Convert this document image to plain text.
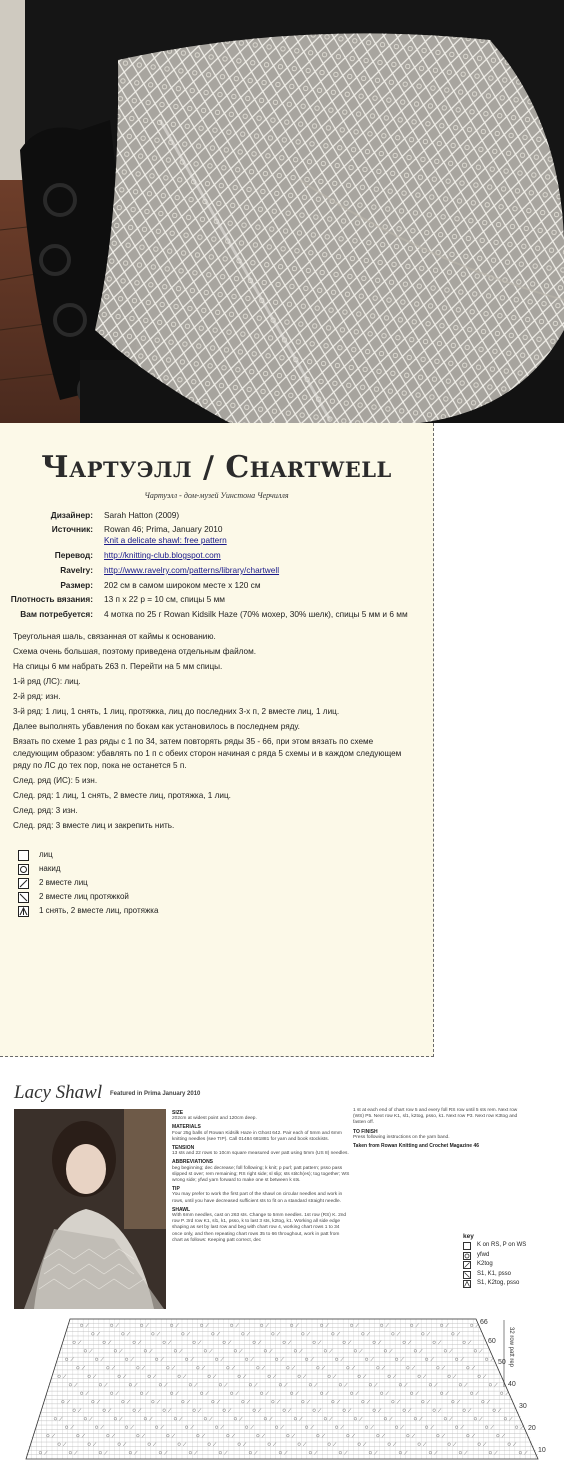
Чартуэлл / Chartwell
Чартуэлл - дом-музей Уинстона Черчилля
Дизайнер: Sarah Hatton (2009)
Источник: Rowan 46; Prima, January 2010
Knit a delicate shawl: free pattern
Перевод: http://knitting-club.blogspot.com
Ravelry: http://www.ravelry.com/patterns/library/chartwell
Размер: 202 см в самом широком месте х 120 см
Плотность вязания: 13 п х 22 р = 10 см, спицы 5 мм
Вам потребуется: 4 мотка по 25 г Rowan Kidsilk Haze (70% мохер, 30% шелк), спицы 5 мм и 6 мм
Треугольная шаль, связанная от каймы к основанию.
Схема очень большая, поэтому приведена отдельным файлом.
На спицы 6 мм набрать 263 п. Перейти на 5 мм спицы.
1-й ряд (ЛС): лиц.
2-й ряд: изн.
3-й ряд: 1 лиц, 1 снять, 1 лиц, протяжка, лиц до последних 3-х п, 2 вместе лиц, 1 лиц.
Далее выполнять убавления по бокам как установилось в последнем ряду.
Вязать по схеме 1 раз ряды с 1 по 34, затем повторять ряды 35 - 66, при этом вязать по схеме
следующим образом: убавлять по 1 п с обеих сторон начиная с ряда 5 схемы и в каждом следующем
ряду по ЛС до тех пор, пока не останется 5 п.
След. ряд (ИС): 5 изн.
След. ряд: 1 лиц, 1 снять, 2 вместе лиц, протяжка, 1 лиц.
След. ряд: 3 изн.
След. ряд: 3 вместе лиц и закрепить нить.
лиц
накид
2 вместе лиц
2 вместе лиц протяжкой
1 снять, 2 вместе лиц, протяжка
Lacy Shawl Featured in Prima January 2010
SIZE
202cm at widest point and 120cm deep.
MATERIALS
Four 25g balls of Rowan Kidsilk Haze in Ghost 642. Pair each of 5mm and 6mm knitting needles (see TIP). Call 01484 681881 for yarn and book stockists.
TENSION
13 sts and 22 rows to 10cm square measured over patt using 5mm (US 8) needles.
ABBREVIATIONS
beg beginning; dec decrease; foll following; k knit; p purl; patt pattern; psso pass slipped st over; rem remaining; RS right side; sl slip; sts stitch(es); tog together; WS wrong side; yfwd yarn forward to make one st between k sts.
TIP
You may prefer to work the first part of the shawl on circular needles and work in rows, until you have decreased sufficient sts to fit on a standard straight needle.
SHAWL
With 6mm needles, cast on 263 sts. Change to 5mm needles. 1st row (RS) K. 2nd row P. 3rd row K1, sl1, k1, psso, k to last 3 sts, k2tog, k1. Working all side edge shaping as set by last row and beg with chart row 4, working chart rows 1 to 34 once only, and then repeating chart rows 35 to 66 throughout, work in patt from chart as follows: Keeping patt correct, dec
1 st at each end of chart row 5 and every foll RS row until 5 sts rem. Next row (WS) P5. Next row K1, sl1, k2tog, psso, k1. Next row P3. Next row K3tog and fasten off.
TO FINISH
Press following instructions on the yarn band.
Taken from Rowan Knitting and Crochet Magazine 46
key
K on RS, P on WS
yfwd
K2tog
S1, K1, psso
S1, K2tog, psso
66
60
50
40
30
20
10
32 row patt rep
